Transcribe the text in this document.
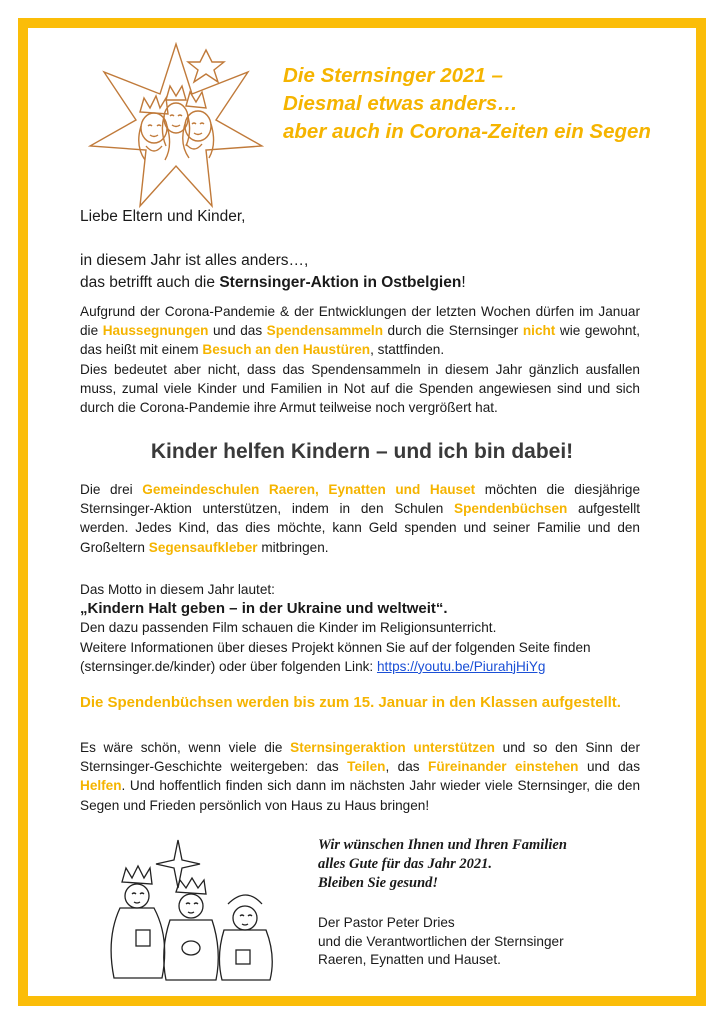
Die Sternsinger 2021 –
Diesmal etwas anders…
aber auch in Corona-Zeiten ein Segen

Liebe Eltern und Kinder,

in diesem Jahr ist alles anders…,
das betrifft auch die Sternsinger-Aktion in Ostbelgien!

Aufgrund der Corona-Pandemie & der Entwicklungen der letzten Wochen dürfen im Januar die Haussegnungen und das Spendensammeln durch die Sternsinger nicht wie gewohnt, das heißt mit einem Besuch an den Haustüren, stattfinden.
Dies bedeutet aber nicht, dass das Spendensammeln in diesem Jahr gänzlich ausfallen muss, zumal viele Kinder und Familien in Not auf die Spenden angewiesen sind und sich durch die Corona-Pandemie ihre Armut teilweise noch vergrößert hat.

Kinder helfen Kindern – und ich bin dabei!

Die drei Gemeindeschulen Raeren, Eynatten und Hauset möchten die diesjährige Sternsinger-Aktion unterstützen, indem in den Schulen Spendenbüchsen aufgestellt werden. Jedes Kind, das dies möchte, kann Geld spenden und seiner Familie und den Großeltern Segensaufkleber mitbringen.

Das Motto in diesem Jahr lautet:
„Kindern Halt geben – in der Ukraine und weltweit“.
Den dazu passenden Film schauen die Kinder im Religionsunterricht.
Weitere Informationen über dieses Projekt können Sie auf der folgenden Seite finden (sternsinger.de/kinder) oder über folgenden Link: https://youtu.be/PiurahjHiYg
Die Spendenbüchsen werden bis zum 15. Januar in den Klassen aufgestellt.

Es wäre schön, wenn viele die Sternsingeraktion unterstützen und so den Sinn der Sternsinger-Geschichte weitergeben: das Teilen, das Füreinander einstehen und das Helfen. Und hoffentlich finden sich dann im nächsten Jahr wieder viele Sternsinger, die den Segen und Frieden persönlich von Haus zu Haus bringen!

Wir wünschen Ihnen und Ihren Familien
alles Gute für das Jahr 2021.
Bleiben Sie gesund!
Der Pastor Peter Dries
und die Verantwortlichen der Sternsinger
Raeren, Eynatten und Hauset.
